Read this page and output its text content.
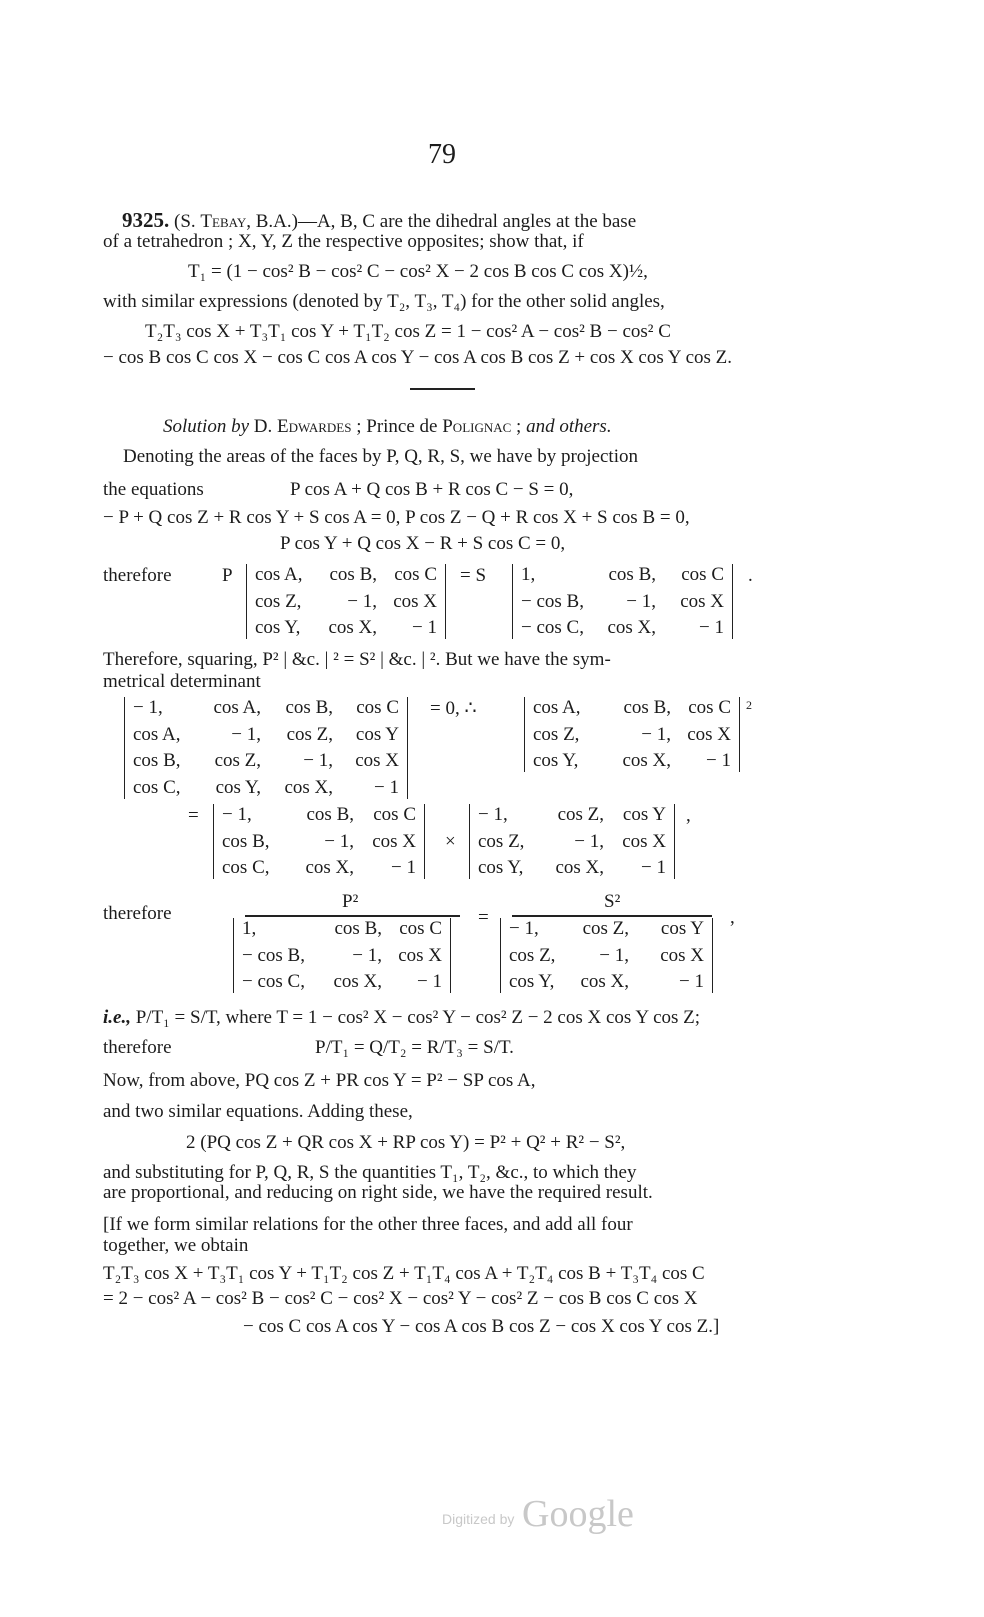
79
9325. (S. Tebay, B.A.)—A, B, C are the dihedral angles at the base
of a tetrahedron ; X, Y, Z the respective opposites; show that, if
T₁ = (1 − cos² B − cos² C − cos² X − 2 cos B cos C cos X)½,
with similar expressions (denoted by T₂, T₃, T₄) for the other solid angles,
T₂T₃ cos X + T₃T₁ cos Y + T₁T₂ cos Z = 1 − cos² A − cos² B − cos² C
− cos B cos C cos X − cos C cos A cos Y − cos A cos B cos Z + cos X cos Y cos Z.
Solution by D. Edwardes ; Prince de Polignac ; and others.
Denoting the areas of the faces by P, Q, R, S, we have by projection
the equations	P cos A + Q cos B + R cos C − S = 0,
− P + Q cos Z + R cos Y + S cos A = 0, P cos Z − Q + R cos X + S cos B = 0,
P cos Y + Q cos X − R + S cos C = 0,
therefore	P cos A,	cos B, cos C
cos Z,	− 1, cos X
cos Y,	cos X,	− 1
= S 1,	cos B,	cos C
− cos B,	− 1,	cos X
− cos C,	cos X,	− 1
.
Therefore, squaring, P² | &c. | ² = S² | &c. | ². But we have the sym-
metrical determinant
− 1,	cos A,	cos B,	cos C
cos A,	− 1,	cos Z,	cos Y
cos B,	cos Z,	− 1,	cos X
cos C,	cos Y,	cos X,	− 1
= 0, ∴	cos A,	cos B, cos C
cos Z,	− 1, cos X
cos Y,	cos X,	− 1
2
= − 1,	cos B,	cos C
cos B,	− 1, cos X
cos C,	cos X,	− 1
×
− 1,	cos Z, cos Y
cos Z,	− 1, cos X
cos Y,	cos X,	− 1
,
therefore
P²
1,	cos B, cos C
− cos B,	− 1, cos X
− cos C,	cos X,	− 1
=
S²
− 1,	cos Z,	cos Y
cos Z,	− 1,	cos X
cos Y,	cos X,	− 1
,
i.e., P/T₁ = S/T, where T = 1 − cos² X − cos² Y − cos² Z − 2 cos X cos Y cos Z;
therefore	P/T₁ = Q/T₂ = R/T₃ = S/T.
Now, from above, PQ cos Z + PR cos Y = P² − SP cos A,
and two similar equations. Adding these,
2 (PQ cos Z + QR cos X + RP cos Y) = P² + Q² + R² − S²,
and substituting for P, Q, R, S the quantities T₁, T₂, &c., to which they
are proportional, and reducing on right side, we have the required result.
[If we form similar relations for the other three faces, and add all four
together, we obtain
T₂T₃ cos X + T₃T₁ cos Y + T₁T₂ cos Z + T₁T₄ cos A + T₂T₄ cos B + T₃T₄ cos C
= 2 − cos² A − cos² B − cos² C − cos² X − cos² Y − cos² Z − cos B cos C cos X
− cos C cos A cos Y − cos A cos B cos Z − cos X cos Y cos Z.]
Digitized by Google
